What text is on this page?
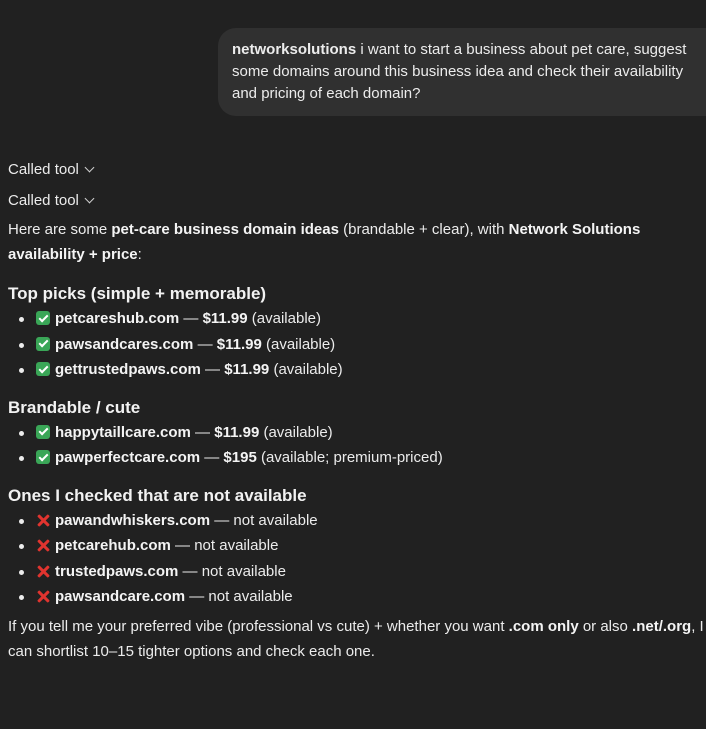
networksolutions i want to start a business about pet care, suggest some domains around this business idea and check their availability and pricing of each domain?
Called tool
Called tool

Here are some pet-care business domain ideas (brandable + clear), with Network Solutions availability + price:

Top picks (simple + memorable)
petcareshub.com — $11.99 (available)
pawsandcares.com — $11.99 (available)
gettrustedpaws.com — $11.99 (available)
Brandable / cute
happytaillcare.com — $11.99 (available)
pawperfectcare.com — $195 (available; premium-priced)
Ones I checked that are not available
pawandwhiskers.com — not available
petcarehub.com — not available
trustedpaws.com — not available
pawsandcare.com — not available

If you tell me your preferred vibe (professional vs cute) + whether you want .com only or also .net/.org, I can shortlist 10–15 tighter options and check each one.
